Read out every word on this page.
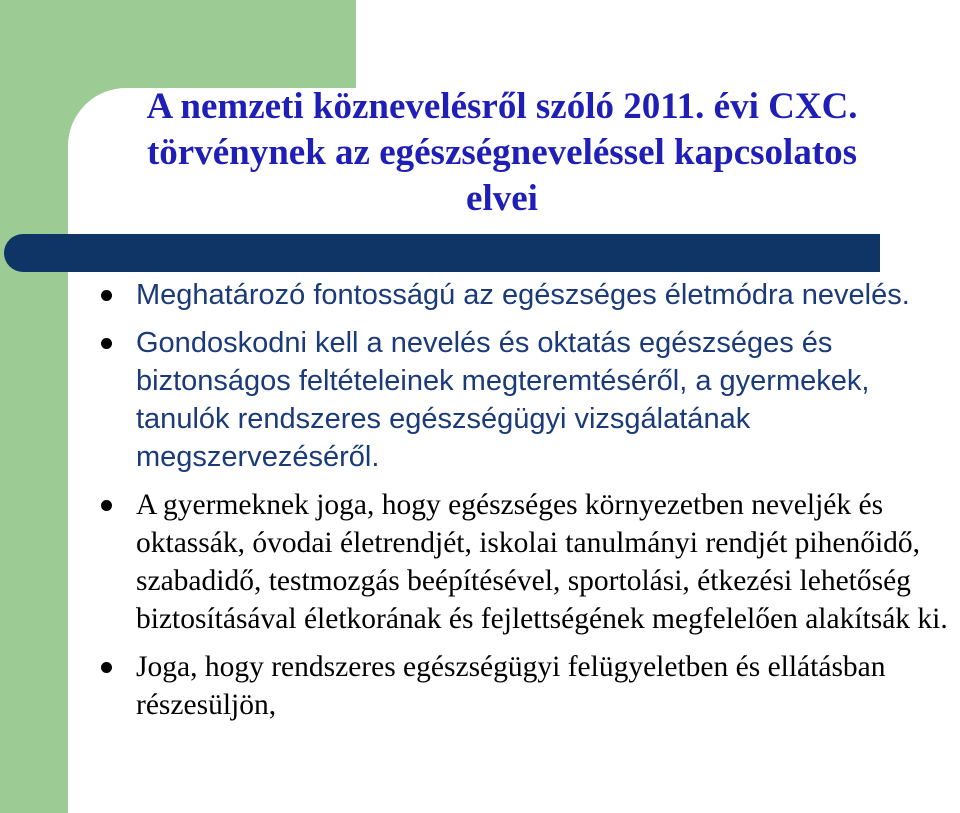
A nemzeti köznevelésről szóló 2011. évi CXC. törvénynek az egészségneveléssel kapcsolatos elvei
Meghatározó fontosságú az egészséges életmódra nevelés.
Gondoskodni kell a nevelés és oktatás egészséges és biztonságos feltételeinek megteremtéséről, a gyermekek, tanulók rendszeres egészségügyi vizsgálatának megszervezéséről.
A gyermeknek joga, hogy egészséges környezetben neveljék és oktassák, óvodai életrendjét, iskolai tanulmányi rendjét pihenőidő, szabadidő, testmozgás beépítésével, sportolási, étkezési lehetőség biztosításával életkorának és fejlettségének megfelelően alakítsák ki.
Joga, hogy rendszeres egészségügyi felügyeletben és ellátásban részesüljön,
